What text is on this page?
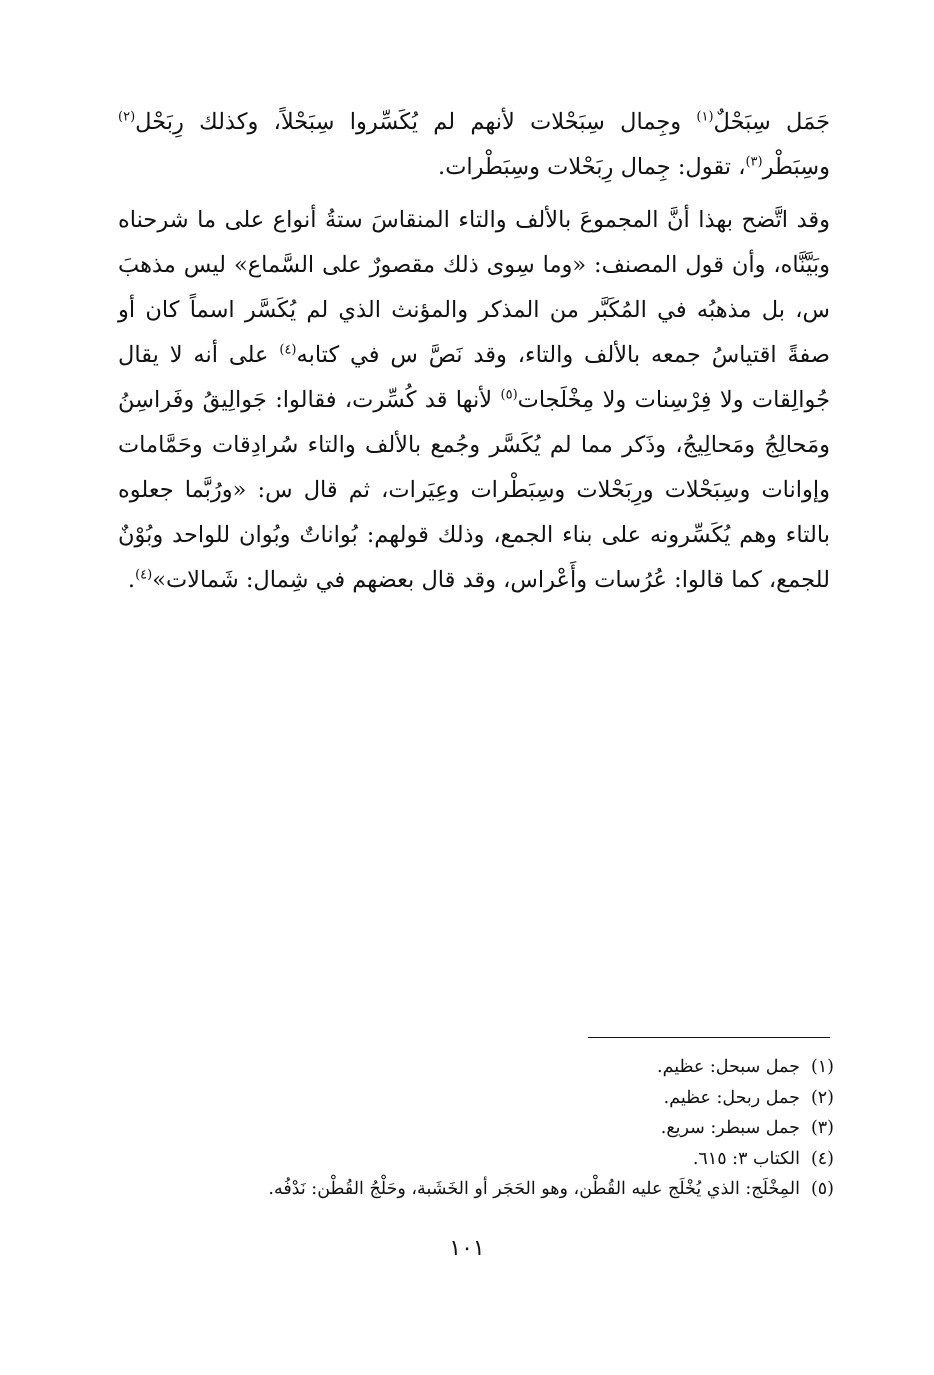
جَمَل سِبَحْلٌ$^{(١)}$ وجِمال سِبَحْلات لأنهم لم يُكَسِّروا سِبَحْلاً، وكذلك رِبَحْل$^{(٢)}$ وسِبَطْر$^{(٣)}$، تقول: جِمال رِبَحْلات وسِبَطْرات.

وقد اتَّضح بهذا أنَّ المجموعَ بالألف والتاء المنقاسَ ستةُ أنواع على ما شرحناه وبَيَّنَّاه، وأن قول المصنف: «وما سِوى ذلك مقصورٌ على السَّماع» ليس مذهبَ س، بل مذهبُه في المُكَبَّر من المذكر والمؤنث الذي لم يُكَسَّر اسماً كان أو صفةً اقتياسُ جمعه بالألف والتاء، وقد نَصَّ س في كتابه$^{(٤)}$ على أنه لا يقال جُوالِقات ولا فِرْسِنات ولا مِخْلَجات$^{(٥)}$ لأنها قد كُسِّرت، فقالوا: جَوالِيقُ وفَراسِنُ ومَحالِجُ ومَحالِيجُ، وذَكر مما لم يُكَسَّر وجُمع بالألف والتاء سُرادِقات وحَمَّامات وإوانات وسِبَحْلات ورِبَحْلات وسِبَطْرات وعِيَرات، ثم قال س: «ورُبَّما جعلوه بالتاء وهم يُكَسِّرونه على بناء الجمع، وذلك قولهم: بُواناتٌ وبُوان للواحد وبُوْنٌ للجمع، كما قالوا: عُرُسات وأَعْراس، وقد قال بعضهم في شِمال: شَمالات»$^{(٤)}$.

(١)جمل سبحل: عظيم.
(٢)جمل ربحل: عظيم.
(٣)جمل سبطر: سريع.
(٤)الكتاب ٣: ٦١٥.
(٥)المِخْلَج: الذي يُخْلَج عليه القُطْن، وهو الحَجَر أو الخَشَبة، وحَلْجُ القُطْن: نَدْفُه.
١٠١
